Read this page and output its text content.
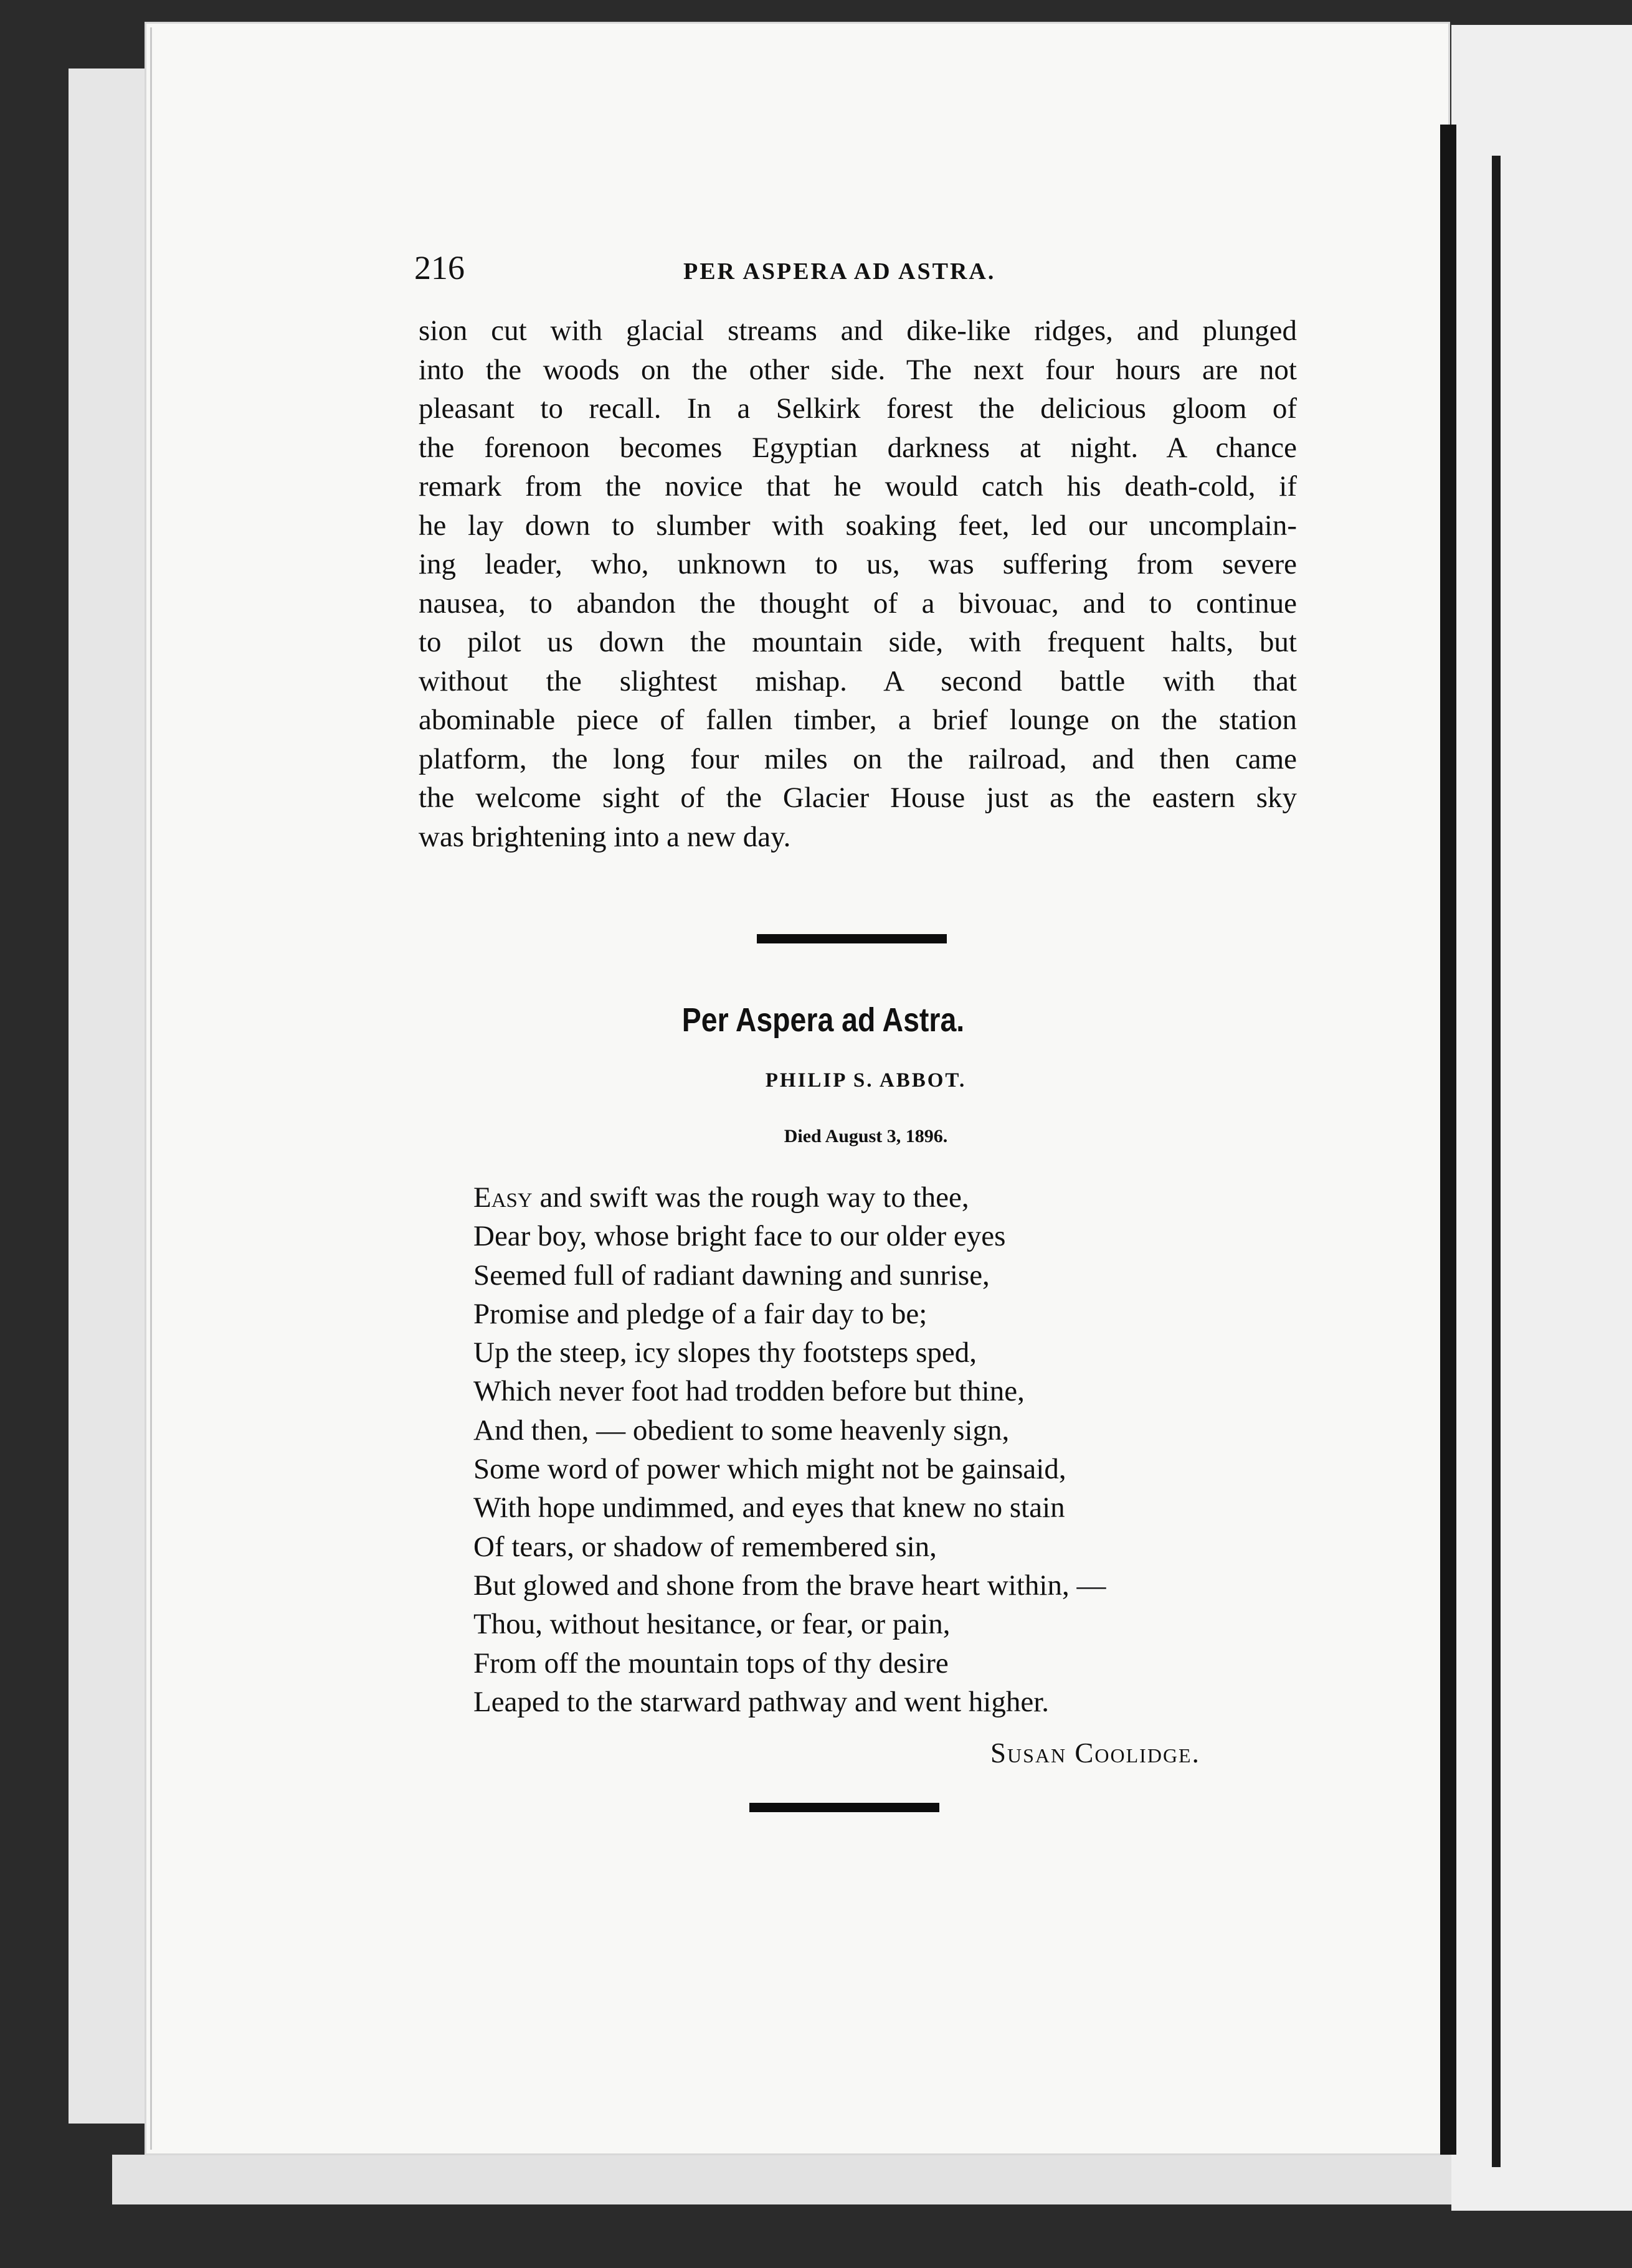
216	PER ASPERA AD ASTRA.

sion cut with glacial streams and dike-like ridges, and plunged
into the woods on the other side. The next four hours are not
pleasant to recall. In a Selkirk forest the delicious gloom of
the forenoon becomes Egyptian darkness at night. A chance
remark from the novice that he would catch his death-cold, if
he lay down to slumber with soaking feet, led our uncomplain-
ing leader, who, unknown to us, was suffering from severe
nausea, to abandon the thought of a bivouac, and to continue
to pilot us down the mountain side, with frequent halts, but
without the slightest mishap. A second battle with that
abominable piece of fallen timber, a brief lounge on the station
platform, the long four miles on the railroad, and then came
the welcome sight of the Glacier House just as the eastern sky
was brightening into a new day.

Per Aspera ad Astra.
PHILIP S. ABBOT.
Died August 3, 1896.
Easy and swift was the rough way to thee,
Dear boy, whose bright face to our older eyes
Seemed full of radiant dawning and sunrise,
Promise and pledge of a fair day to be;
Up the steep, icy slopes thy footsteps sped,
Which never foot had trodden before but thine,
And then, — obedient to some heavenly sign,
Some word of power which might not be gainsaid,
With hope undimmed, and eyes that knew no stain
Of tears, or shadow of remembered sin,
But glowed and shone from the brave heart within, —
Thou, without hesitance, or fear, or pain,
From off the mountain tops of thy desire
Leaped to the starward pathway and went higher.
Susan Coolidge.
